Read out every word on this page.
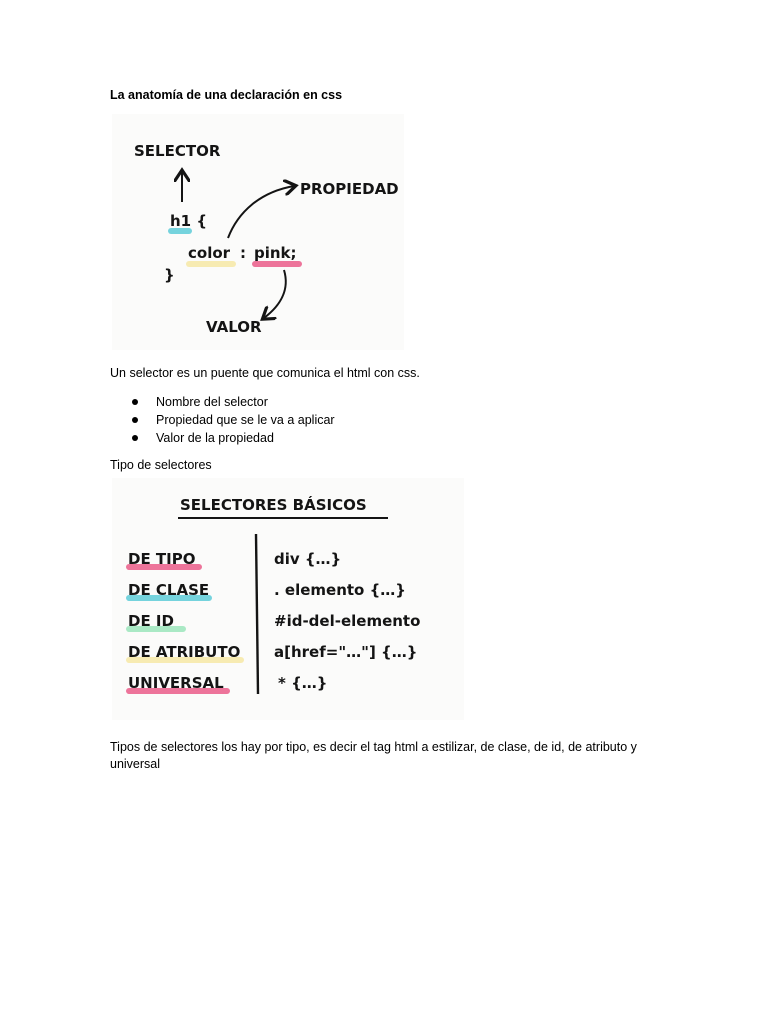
La anatomía de una declaración en css
SELECTOR
PROPIEDAD
h1 {
color : pink;
}
VALOR
Un selector es un puente que comunica el html con css.
Nombre del selector
Propiedad que se le va a aplicar
Valor de la propiedad
Tipo de selectores
SELECTORES BÁSICOS
DE TIPO
DE CLASE
DE ID
DE ATRIBUTO
UNIVERSAL
div {…}
. elemento {…}
#id-del-elemento
a[href="…"] {…}
* {…}
Tipos de selectores los hay por tipo, es decir el tag html a estilizar, de clase, de id, de atributo y universal
